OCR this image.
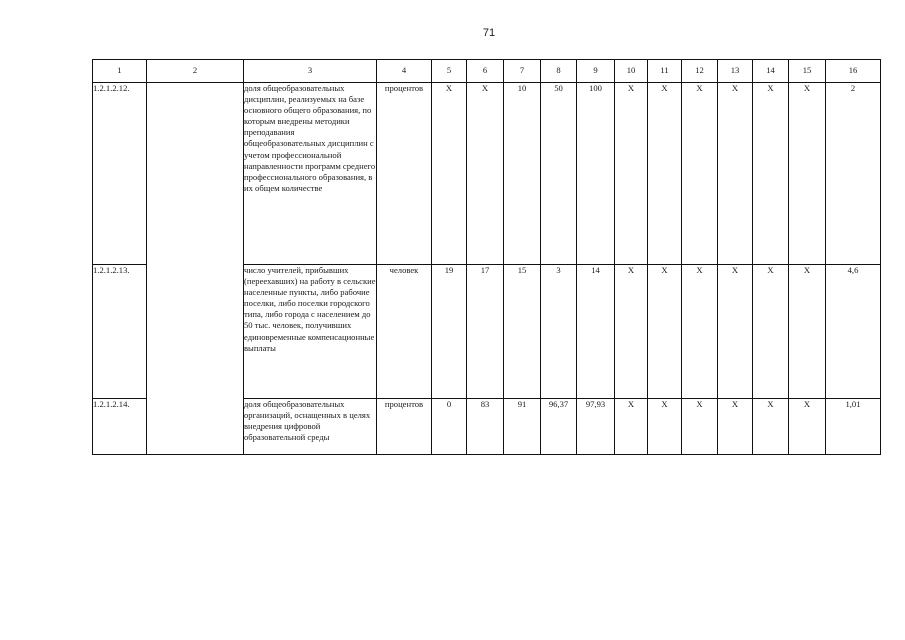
71
1	2	3	4	5	6	7	8	9	10	11	12	13	14	15	16
1.2.1.2.12.		доля общеобразовательных дисциплин, реализуемых на базе основного общего образования, по которым внедрены методики преподавания общеобразовательных дисциплин с учетом профессиональной направленности программ среднего профессионального образования, в их общем количестве	процентов	Х	Х	10	50	100	Х	Х	Х	Х	Х	Х	2
1.2.1.2.13.		число учителей, прибывших (переехавших) на работу в сельские населенные пункты, либо рабочие поселки, либо поселки городского типа, либо города с населением до 50 тыс. человек, получивших единовременные компенсационные выплаты	человек	19	17	15	3	14	Х	Х	Х	Х	Х	Х	4,6
1.2.1.2.14.		доля общеобразовательных организаций, оснащенных в целях внедрения цифровой образовательной среды	процентов	0	83	91	96,37	97,93	Х	Х	Х	Х	Х	Х	1,01
